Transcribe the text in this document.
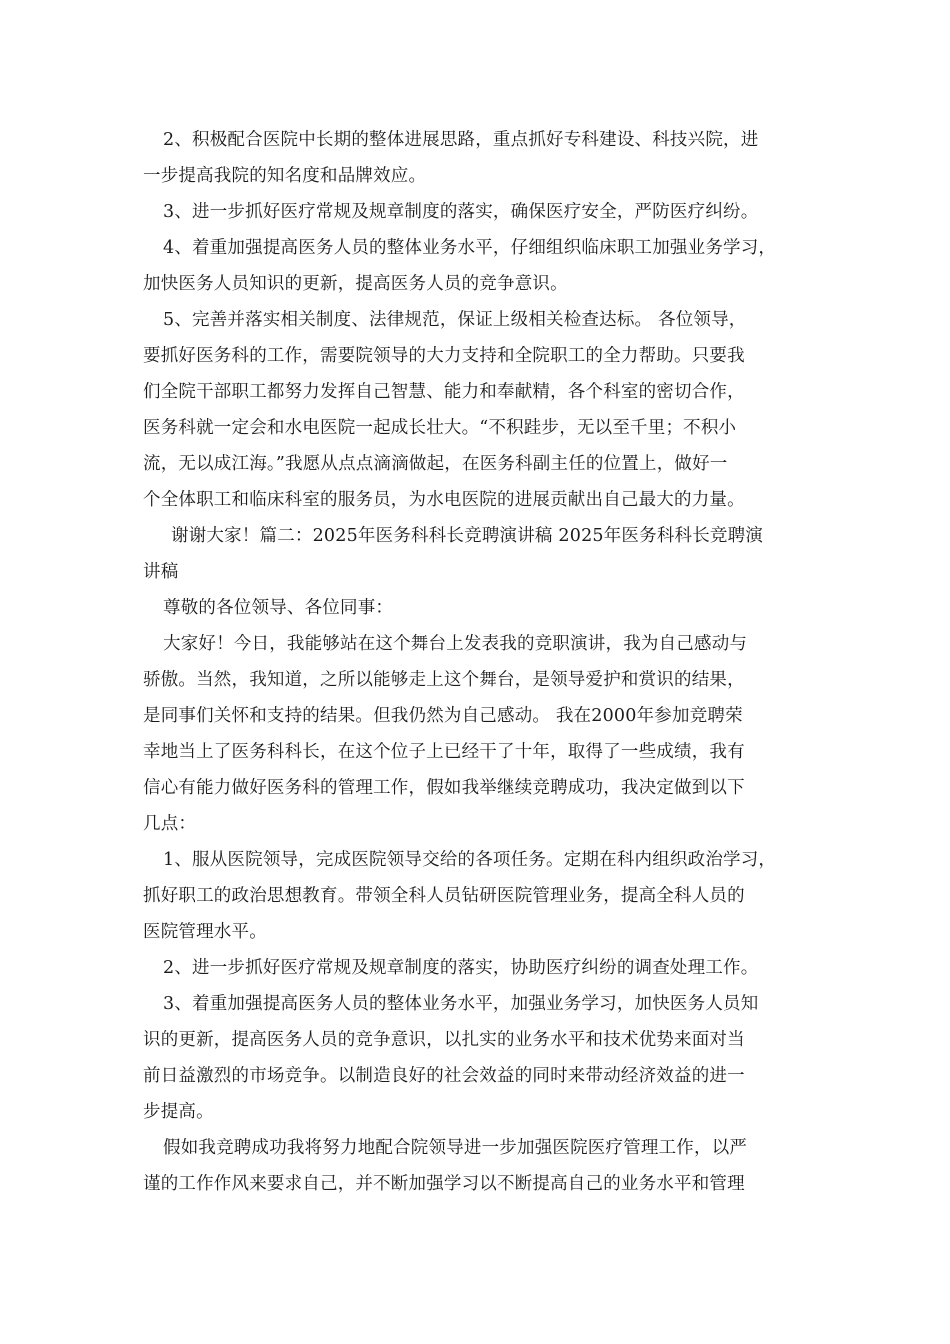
2、积极配合医院中长期的整体进展思路，重点抓好专科建设、科技兴院，进
一步提高我院的知名度和品牌效应。
3、进一步抓好医疗常规及规章制度的落实，确保医疗安全，严防医疗纠纷。
4、着重加强提高医务人员的整体业务水平，仔细组织临床职工加强业务学习，
加快医务人员知识的更新，提高医务人员的竞争意识。
5、完善并落实相关制度、法律规范，保证上级相关检查达标。 各位领导，
要抓好医务科的工作，需要院领导的大力支持和全院职工的全力帮助。只要我
们全院干部职工都努力发挥自己智慧、能力和奉献精，各个科室的密切合作，
医务科就一定会和水电医院一起成长壮大。“不积跬步，无以至千里；不积小
流，无以成江海。”我愿从点点滴滴做起，在医务科副主任的位置上，做好一
个全体职工和临床科室的服务员，为水电医院的进展贡献出自己最大的力量。
谢谢大家！篇二：2025年医务科科长竞聘演讲稿 2025年医务科科长竞聘演
讲稿
尊敬的各位领导、各位同事：
大家好！今日，我能够站在这个舞台上发表我的竞职演讲，我为自己感动与
骄傲。当然，我知道，之所以能够走上这个舞台，是领导爱护和赏识的结果，
是同事们关怀和支持的结果。但我仍然为自己感动。 我在2000年参加竞聘荣
幸地当上了医务科科长，在这个位子上已经干了十年，取得了一些成绩，我有
信心有能力做好医务科的管理工作，假如我举继续竞聘成功，我决定做到以下
几点：
1、服从医院领导，完成医院领导交给的各项任务。定期在科内组织政治学习，
抓好职工的政治思想教育。带领全科人员钻研医院管理业务，提高全科人员的
医院管理水平。
2、进一步抓好医疗常规及规章制度的落实，协助医疗纠纷的调查处理工作。
3、着重加强提高医务人员的整体业务水平，加强业务学习，加快医务人员知
识的更新，提高医务人员的竞争意识，以扎实的业务水平和技术优势来面对当
前日益激烈的市场竞争。以制造良好的社会效益的同时来带动经济效益的进一
步提高。
假如我竞聘成功我将努力地配合院领导进一步加强医院医疗管理工作，以严
谨的工作作风来要求自己，并不断加强学习以不断提高自己的业务水平和管理
